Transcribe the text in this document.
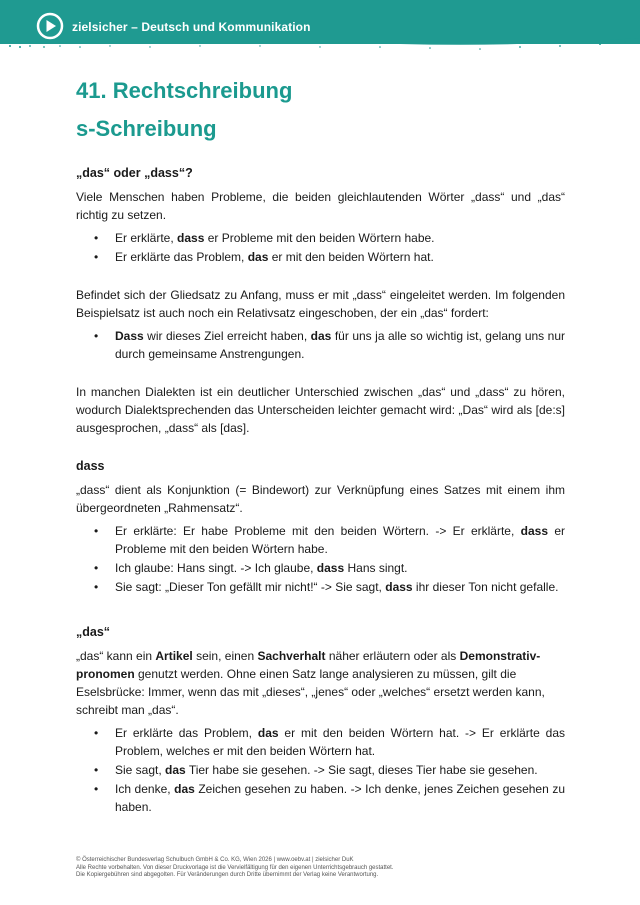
zielsicher – Deutsch und Kommunikation
41. Rechtschreibung
s-Schreibung
„das“ oder „dass“?

Viele Menschen haben Probleme, die beiden gleichlautenden Wörter „dass“ und „das“ richtig zu setzen.

• Er erklärte, dass er Probleme mit den beiden Wörtern habe.
• Er erklärte das Problem, das er mit den beiden Wörtern hat.

Befindet sich der Gliedsatz zu Anfang, muss er mit „dass“ eingeleitet werden. Im folgenden Beispielsatz ist auch noch ein Relativsatz eingeschoben, der ein „das“ fordert:

• Dass wir dieses Ziel erreicht haben, das für uns ja alle so wichtig ist, gelang uns nur durch gemeinsame Anstrengungen.

In manchen Dialekten ist ein deutlicher Unterschied zwischen „das“ und „dass“ zu hören, wodurch Dialektsprechenden das Unterscheiden leichter gemacht wird: „Das“ wird als [de:s] ausgesprochen, „dass“ als [das].

dass

„dass“ dient als Konjunktion (= Bindewort) zur Verknüpfung eines Satzes mit einem ihm übergeordneten „Rahmensatz“.

• Er erklärte: Er habe Probleme mit den beiden Wörtern. -> Er erklärte, dass er Probleme mit den beiden Wörtern habe.
• Ich glaube: Hans singt. -> Ich glaube, dass Hans singt.
• Sie sagt: „Dieser Ton gefällt mir nicht!“ -> Sie sagt, dass ihr dieser Ton nicht gefalle.
„das“

„das“ kann ein Artikel sein, einen Sachverhalt näher erläutern oder als Demonstrativ-pronomen genutzt werden. Ohne einen Satz lange analysieren zu müssen, gilt die Eselsbrücke: Immer, wenn das mit „dieses“, „jenes“ oder „welches“ ersetzt werden kann, schreibt man „das“.

• Er erklärte das Problem, das er mit den beiden Wörtern hat. -> Er erklärte das Problem, welches er mit den beiden Wörtern hat.
• Sie sagt, das Tier habe sie gesehen. -> Sie sagt, dieses Tier habe sie gesehen.
• Ich denke, das Zeichen gesehen zu haben. -> Ich denke, jenes Zeichen gesehen zu haben.
© Österreichischer Bundesverlag Schulbuch GmbH & Co. KG, Wien 2026 | www.oebv.at | zielsicher DuK
Alle Rechte vorbehalten. Von dieser Druckvorlage ist die Vervielfältigung für den eigenen Unterrichtsgebrauch gestattet.
Die Kopiergebühren sind abgegolten. Für Veränderungen durch Dritte übernimmt der Verlag keine Verantwortung.
